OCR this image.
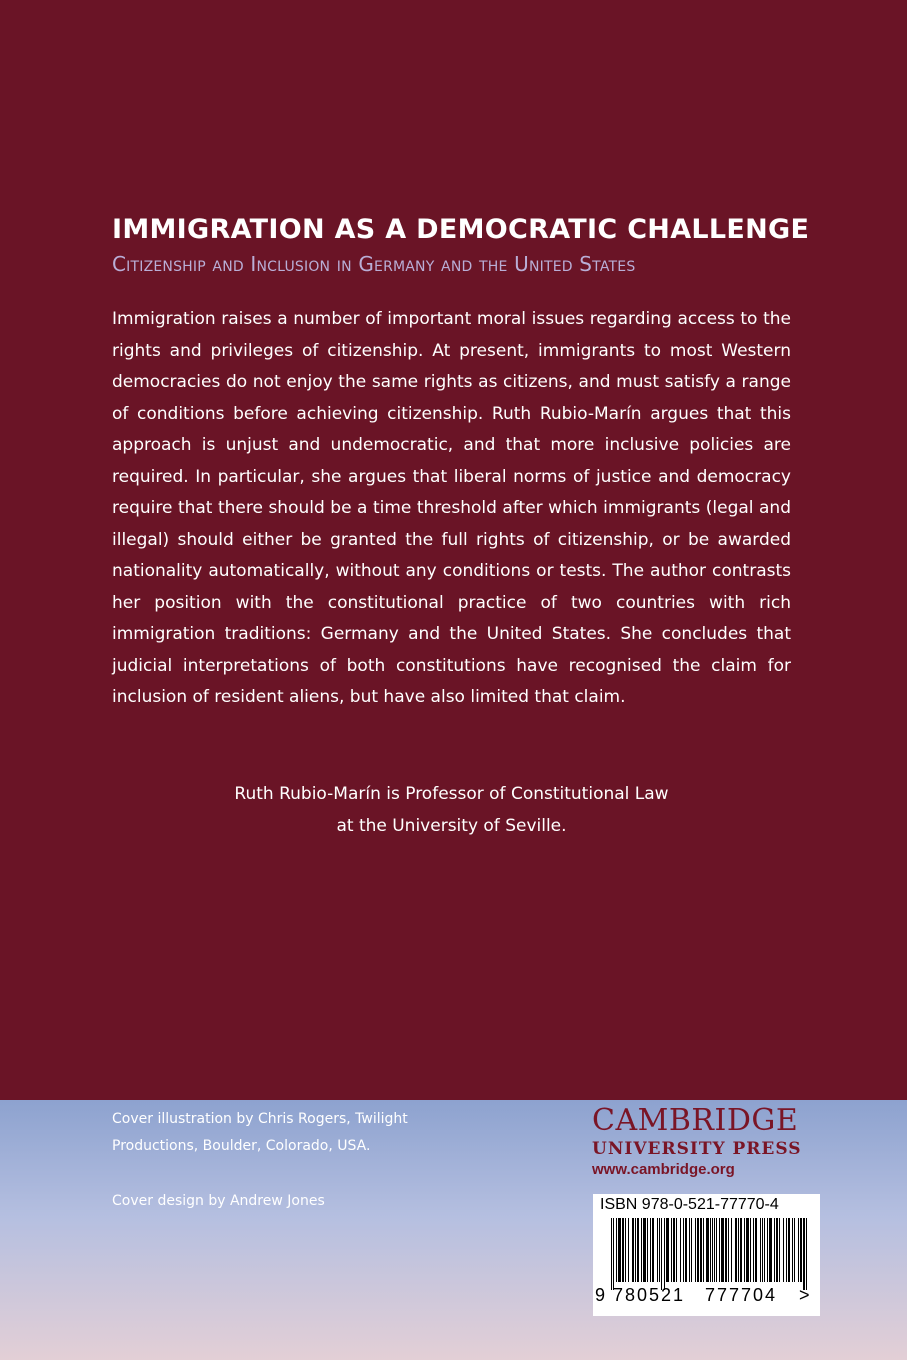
IMMIGRATION AS A DEMOCRATIC CHALLENGE
Citizenship and Inclusion in Germany and the United States

Immigration raises a number of important moral issues regarding access to the rights and privileges of citizenship. At present, immigrants to most Western democracies do not enjoy the same rights as citizens, and must satisfy a range of conditions before achieving citizenship. Ruth Rubio-Marín argues that this approach is unjust and undemocratic, and that more inclusive policies are required. In particular, she argues that liberal norms of justice and democracy require that there should be a time threshold after which immigrants (legal and illegal) should either be granted the full rights of citizenship, or be awarded nationality automatically, without any conditions or tests. The author contrasts her position with the constitutional practice of two countries with rich immigration traditions: Germany and the United States. She concludes that judicial interpretations of both constitutions have recognised the claim for inclusion of resident aliens, but have also limited that claim.

Ruth Rubio-Marín is Professor of Constitutional Law
at the University of Seville.
Cover illustration by Chris Rogers, Twilight Productions, Boulder, Colorado, USA.
Cover design by Andrew Jones
CAMBRIDGE
UNIVERSITY PRESS
www.cambridge.org
ISBN 978-0-521-77770-4
9 780521 777704 >
